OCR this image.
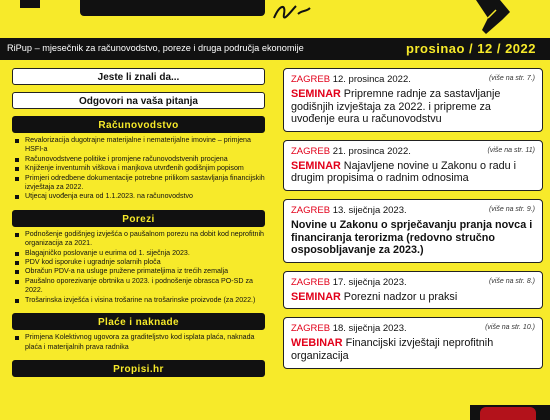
RiPup – mjesečnik za računovodstvo, poreze i druga područja ekonomije	prosinao / 12 / 2022
Jeste li znali da...
Odgovori na vaša pitanja
Računovodstvo
Revalorizacija dugotrajne materijalne i nematerijalne imovine – primjena HSFI-a
Računovodstvene politike i promjene računovodstvenih procjena
Knjiženje inventurnih viškova i manjkova utvrđenih godišnjim popisom
Primjeri odredbene dokumentacije potrebne prilikom sastavljanja financijskih izvještaja za 2022.
Utjecaj uvođenja eura od 1.1.2023. na računovodstvo
Porezi
Podnošenje godišnjeg izvješća o paušalnom porezu na dobit kod neprofitnih organizacija za 2021.
Blagajničko poslovanje u eurima od 1. siječnja 2023.
PDV kod isporuke i ugradnje solarnih ploča
Obračun PDV-a na usluge pružene primateljima iz trećih zemalja
Paušalno oporezivanje obrtnika u 2023. i podnošenje obrasca PO-SD za 2022.
Trošarinska izvješća i visina trošarine na trošarinske proizvode (za 2022.)
Plaće i naknade
Primjena Kolektivnog ugovora za graditeljstvo kod isplata plaća, naknada plaća i materijalnih prava radnika
Propisi.hr
ZAGREB 12. prosinca 2022.	(više na str. 7.)
SEMINAR Pripremne radnje za sastavljanje godišnjih izvještaja za 2022. i pripreme za uvođenje eura u računovodstvu
ZAGREB 21. prosinca 2022.	(više na str. 11)
SEMINAR Najavljene novine u Zakonu o radu i drugim propisima o radnim odnosima
ZAGREB 13. siječnja 2023.	(više na str. 9.)
Novine u Zakonu o sprječavanju pranja novca i financiranja terorizma (redovno stručno osposobljavanje za 2023.)
ZAGREB 17. siječnja 2023.	(više na str. 8.)
SEMINAR Porezni nadzor u praksi
ZAGREB 18. siječnja 2023.	(više na str. 10.)
WEBINAR Financijski izvještaji neprofitnih organizacija
